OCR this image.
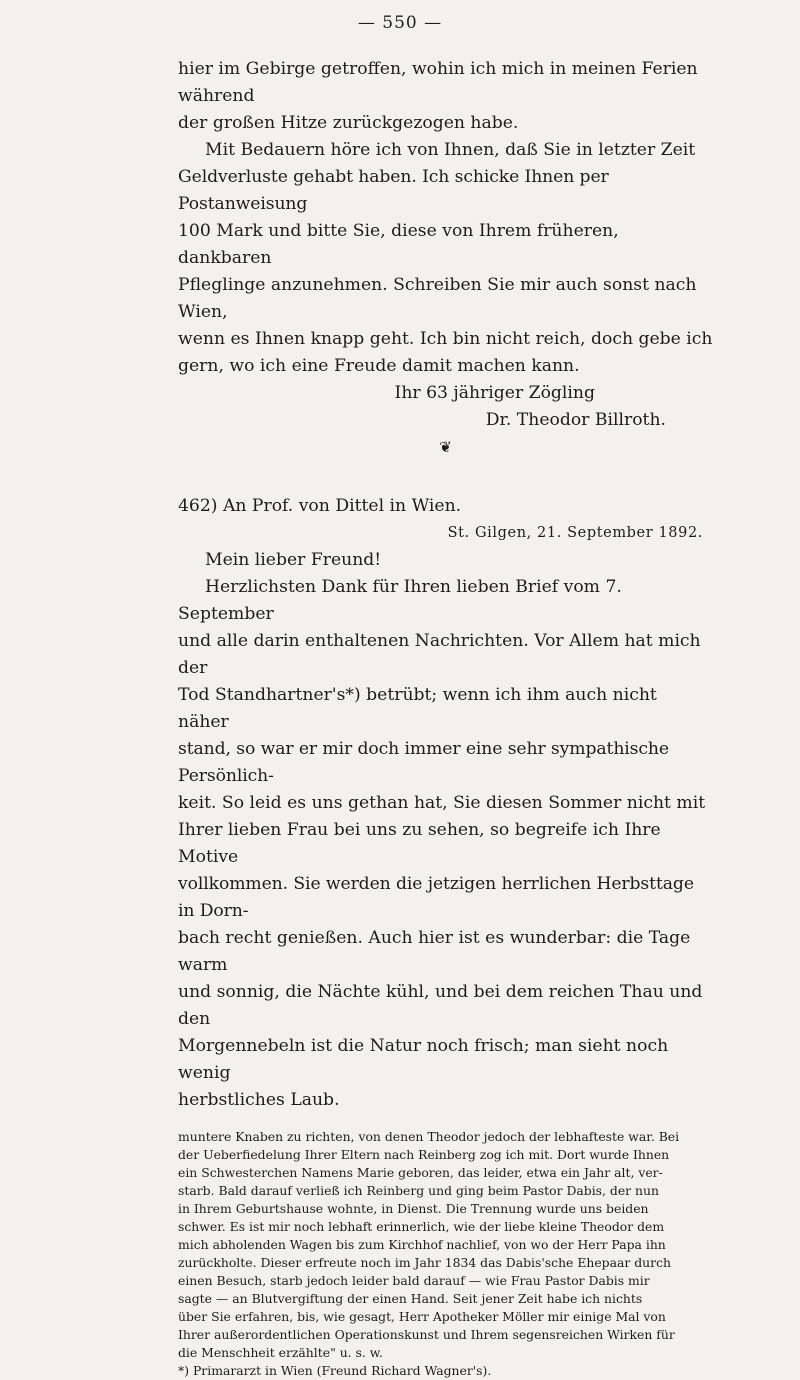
— 550 —

hier im Gebirge getroffen, wohin ich mich in meinen Ferien während

der großen Hitze zurückgezogen habe.

Mit Bedauern höre ich von Ihnen, daß Sie in letzter Zeit

Geldverluste gehabt haben. Ich schicke Ihnen per Postanweisung

100 Mark und bitte Sie, diese von Ihrem früheren, dankbaren

Pfleglinge anzunehmen. Schreiben Sie mir auch sonst nach Wien,

wenn es Ihnen knapp geht. Ich bin nicht reich, doch gebe ich

gern, wo ich eine Freude damit machen kann.

Ihr 63 jähriger Zögling

Dr. Theodor Billroth.

❦

462) An Prof. von Dittel in Wien.

St. Gilgen, 21. September 1892.

Mein lieber Freund!

Herzlichsten Dank für Ihren lieben Brief vom 7. September

und alle darin enthaltenen Nachrichten. Vor Allem hat mich der

Tod Standhartner's*) betrübt; wenn ich ihm auch nicht näher

stand, so war er mir doch immer eine sehr sympathische Persönlich-

keit. So leid es uns gethan hat, Sie diesen Sommer nicht mit

Ihrer lieben Frau bei uns zu sehen, so begreife ich Ihre Motive

vollkommen. Sie werden die jetzigen herrlichen Herbsttage in Dorn-

bach recht genießen. Auch hier ist es wunderbar: die Tage warm

und sonnig, die Nächte kühl, und bei dem reichen Thau und den

Morgennebeln ist die Natur noch frisch; man sieht noch wenig

herbstliches Laub.

muntere Knaben zu richten, von denen Theodor jedoch der lebhafteste war. Bei

der Ueberfiedelung Ihrer Eltern nach Reinberg zog ich mit. Dort wurde Ihnen

ein Schwesterchen Namens Marie geboren, das leider, etwa ein Jahr alt, ver-

starb. Bald darauf verließ ich Reinberg und ging beim Pastor Dabis, der nun

in Ihrem Geburtshause wohnte, in Dienst. Die Trennung wurde uns beiden

schwer. Es ist mir noch lebhaft erinnerlich, wie der liebe kleine Theodor dem

mich abholenden Wagen bis zum Kirchhof nachlief, von wo der Herr Papa ihn

zurückholte. Dieser erfreute noch im Jahr 1834 das Dabis'sche Ehepaar durch

einen Besuch, starb jedoch leider bald darauf — wie Frau Pastor Dabis mir

sagte — an Blutvergiftung der einen Hand. Seit jener Zeit habe ich nichts

über Sie erfahren, bis, wie gesagt, Herr Apotheker Möller mir einige Mal von

Ihrer außerordentlichen Operationskunst und Ihrem segensreichen Wirken für

die Menschheit erzählte" u. s. w.

*) Primararzt in Wien (Freund Richard Wagner's).
